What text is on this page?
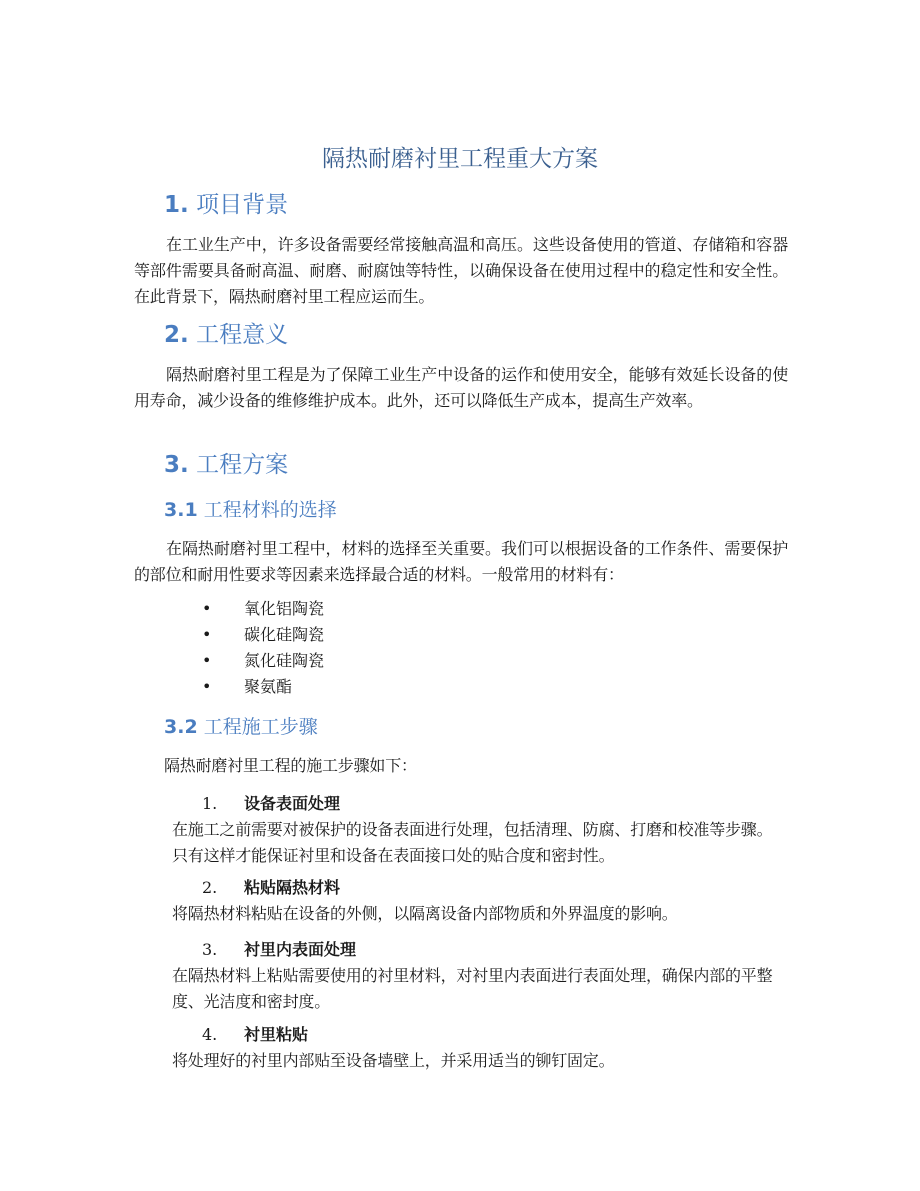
隔热耐磨衬里工程重大方案
1. 项目背景

在工业生产中，许多设备需要经常接触高温和高压。这些设备使用的管道、存储箱和容器等部件需要具备耐高温、耐磨、耐腐蚀等特性，以确保设备在使用过程中的稳定性和安全性。在此背景下，隔热耐磨衬里工程应运而生。

2. 工程意义

隔热耐磨衬里工程是为了保障工业生产中设备的运作和使用安全，能够有效延长设备的使用寿命，减少设备的维修维护成本。此外，还可以降低生产成本，提高生产效率。

3. 工程方案
3.1 工程材料的选择

在隔热耐磨衬里工程中，材料的选择至关重要。我们可以根据设备的工作条件、需要保护的部位和耐用性要求等因素来选择最合适的材料。一般常用的材料有：

• 氧化铝陶瓷
• 碳化硅陶瓷
• 氮化硅陶瓷
• 聚氨酯
3.2 工程施工步骤

隔热耐磨衬里工程的施工步骤如下：

1. 设备表面处理

在施工之前需要对被保护的设备表面进行处理，包括清理、防腐、打磨和校准等步骤。只有这样才能保证衬里和设备在表面接口处的贴合度和密封性。

2. 粘贴隔热材料

将隔热材料粘贴在设备的外侧，以隔离设备内部物质和外界温度的影响。

3. 衬里内表面处理

在隔热材料上粘贴需要使用的衬里材料，对衬里内表面进行表面处理，确保内部的平整度、光洁度和密封度。

4. 衬里粘贴

将处理好的衬里内部贴至设备墙壁上，并采用适当的铆钉固定。
